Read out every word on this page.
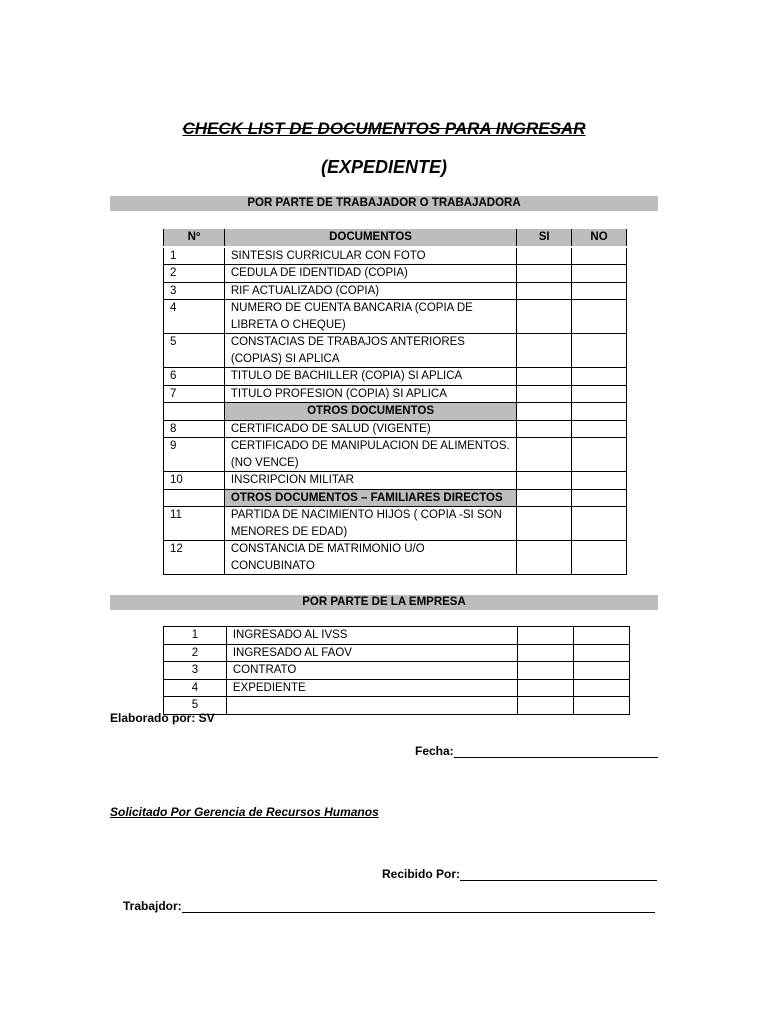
CHECK LIST DE DOCUMENTOS PARA INGRESAR
(EXPEDIENTE)
POR PARTE DE TRABAJADOR O TRABAJADORA
Nº	DOCUMENTOS	SI	NO
1	SINTESIS CURRICULAR CON FOTO		
2	CEDULA DE IDENTIDAD (COPIA)		
3	RIF ACTUALIZADO (COPIA)		
4	NUMERO DE CUENTA BANCARIA (COPIA DE LIBRETA O CHEQUE)		
5	CONSTACIAS DE TRABAJOS ANTERIORES (COPIAS) SI APLICA		
6	TITULO DE BACHILLER (COPIA) SI APLICA		
7	TITULO PROFESION (COPIA) SI APLICA		
	OTROS DOCUMENTOS		
8	CERTIFICADO DE SALUD (VIGENTE)		
9	CERTIFICADO DE MANIPULACION DE ALIMENTOS.(NO VENCE)		
10	INSCRIPCION MILITAR		
	OTROS DOCUMENTOS – FAMILIARES DIRECTOS		
11	PARTIDA DE NACIMIENTO HIJOS ( COPIA -SI SON MENORES DE EDAD)		
12	CONSTANCIA DE MATRIMONIO U/O CONCUBINATO		
POR PARTE DE LA EMPRESA
1	INGRESADO AL IVSS		
2	INGRESADO AL FAOV		
3	CONTRATO		
4	EXPEDIENTE		
5			
Elaborado por: SV
Fecha:
Solicitado Por Gerencia de Recursos Humanos
Recibido Por:
Trabajdor:
